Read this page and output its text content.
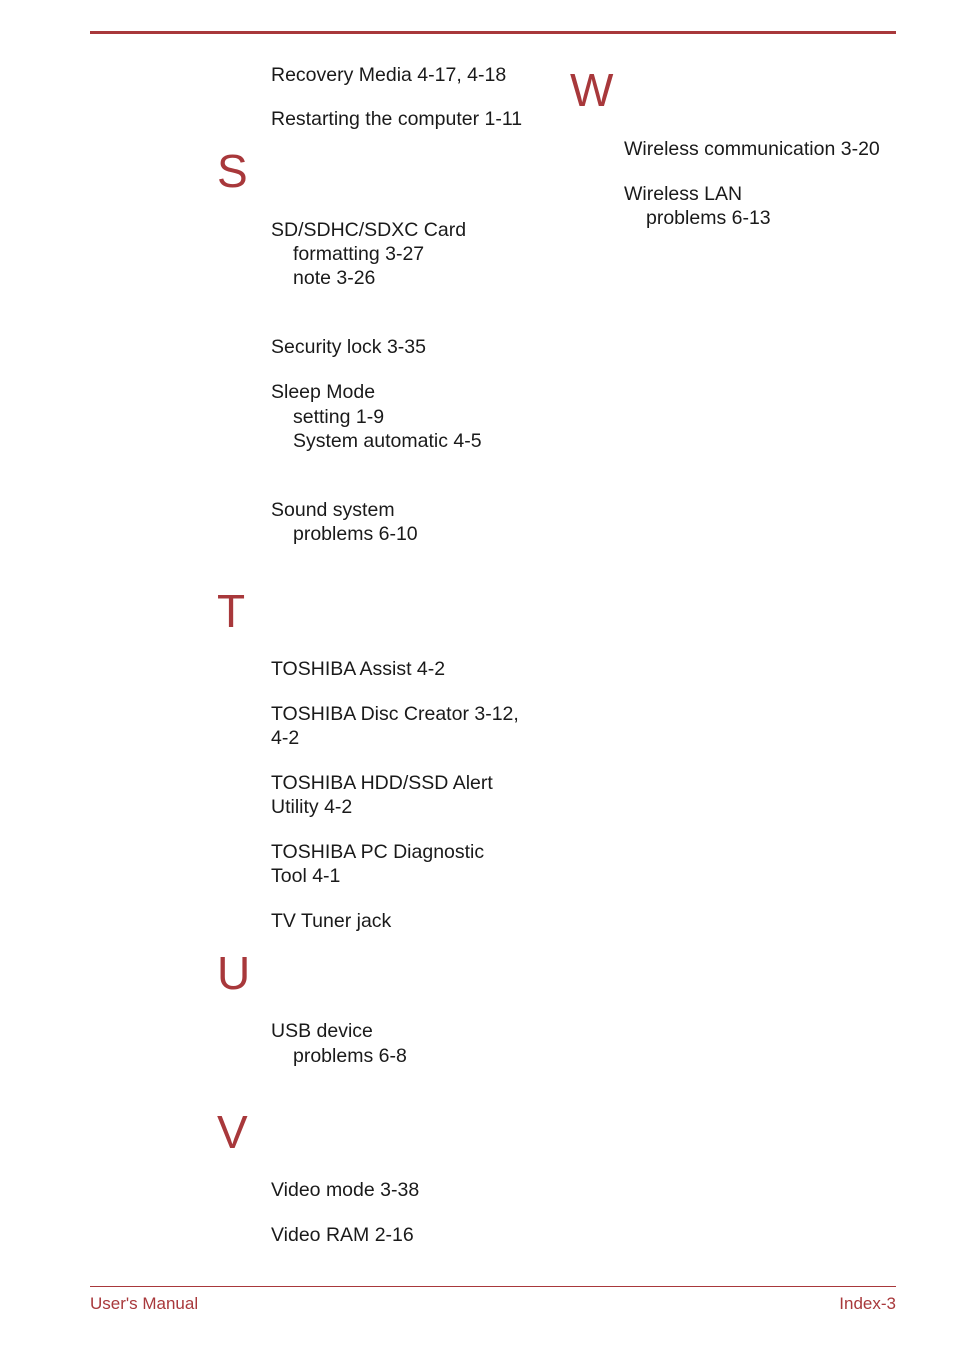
Recovery Media 4-17, 4-18
Restarting the computer 1-11
S
SD/SDHC/SDXC Card
formatting 3-27
note 3-26
Security lock 3-35
Sleep Mode
setting 1-9
System automatic 4-5
Sound system
problems 6-10
T
TOSHIBA Assist 4-2
TOSHIBA Disc Creator 3-12,
4-2
TOSHIBA HDD/SSD Alert
Utility 4-2
TOSHIBA PC Diagnostic
Tool 4-1
TV Tuner jack
U
USB device
problems 6-8
V
Video mode 3-38
Video RAM 2-16
W
Wireless communication 3-20
Wireless LAN
problems 6-13
User's Manual	Index-3
